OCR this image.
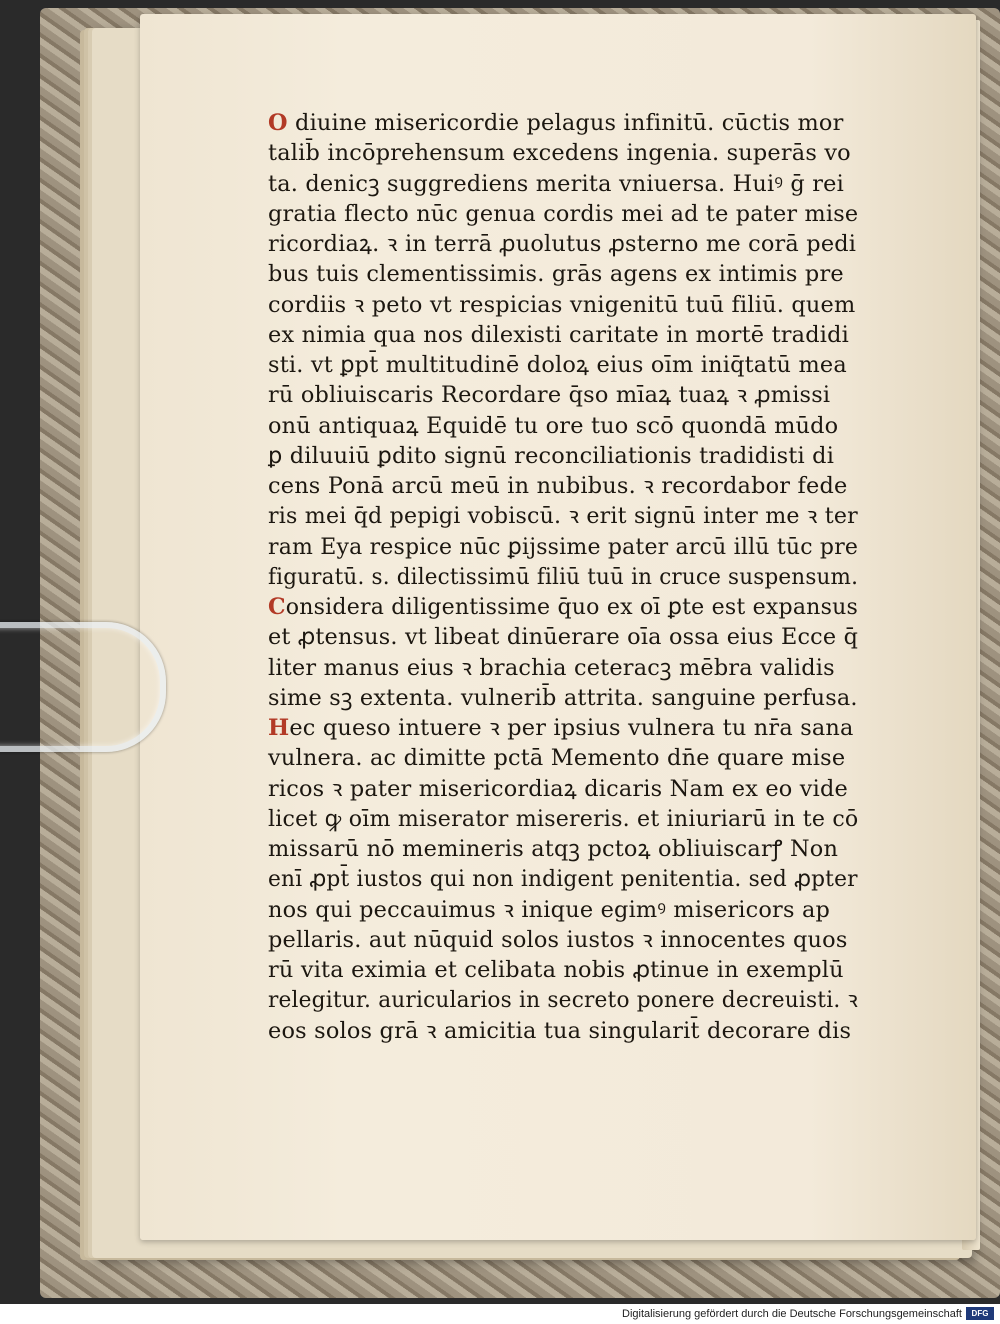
O diuine misericordie pelagus infinitū. cūctis mor
talib̄ incōprehensum excedens ingenia. superās vo
ta. denicꝫ suggrediens merita vniuersa. Huiꝰ ḡ rei
gratia flecto nūc genua cordis mei ad te pater mise
ricordiaꝝ. ꝛ in terrā ꝓuolutus ꝓsterno me corā pedi
bus tuis clementissimis. grās agens ex intimis pre
cordiis ꝛ peto vt respicias vnigenitū tuū filiū. quem
ex nimia qua nos dilexisti caritate in mortē tradidi
sti. vt ꝑpt̄ multitudinē doloꝝ eius oīm iniq̄tatū mea
rū obliuiscaris Recordare q̄so mīaꝝ tuaꝝ ꝛ ꝓmissi
onū antiquaꝝ Equidē tu ore tuo scō quondā mūdo
ꝑ diluuiū ꝑdito signū reconciliationis tradidisti di
cens Ponā arcū meū in nubibus. ꝛ recordabor fede
ris mei q̄d pepigi vobiscū. ꝛ erit signū inter me ꝛ ter
ram Eya respice nūc ꝑijssime pater arcū illū tūc pre
figuratū. s. dilectissimū filiū tuū in cruce suspensum.
Considera diligentissime q̄uo ex oī ꝑte est expansus
et ꝓtensus. vt libeat dinūerare oīa ossa eius Ecce q̄
liter manus eius ꝛ brachia ceteracꝫ mēbra validis
sime sꝫ extenta. vulnerib̄ attrita. sanguine perfusa.
Hec queso intuere ꝛ per ipsius vulnera tu nr̄a sana
vulnera. ac dimitte pctā Memento dn̄e quare mise
ricos ꝛ pater misericordiaꝝ dicaris Nam ex eo vide
licet ꝙ oīm miserator misereris. et iniuriarū in te cō
missarū nō memineris atqꝫ pctoꝝ obliuiscarꝭ Non
enī ꝓpt̄ iustos qui non indigent penitentia. sed ꝓpter
nos qui peccauimus ꝛ inique egimꝰ misericors ap
pellaris. aut nūquid solos iustos ꝛ innocentes quos
rū vita eximia et celibata nobis ꝓtinue in exemplū
relegitur. auricularios in secreto ponere decreuisti. ꝛ
eos solos grā ꝛ amicitia tua singularit̄ decorare dis
Digitalisierung gefördert durch die Deutsche Forschungsgemeinschaft	DFG
